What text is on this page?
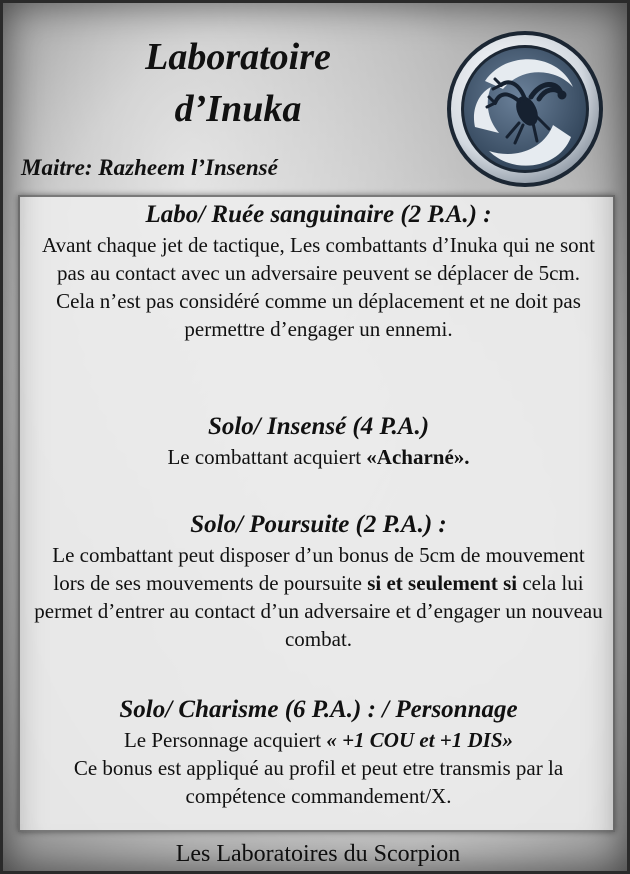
Laboratoire
d’Inuka
Maitre: Razheem l’Insensé
Labo/ Ruée sanguinaire (2 P.A.) :
Avant chaque jet de tactique, Les combattants d’Inuka qui ne sont pas au contact avec un adversaire peuvent se déplacer de 5cm.
Cela n’est pas considéré comme un déplacement et ne doit pas permettre d’engager un ennemi.
Solo/ Insensé (4 P.A.)
Le combattant acquiert «Acharné».
Solo/ Poursuite (2 P.A.) :
Le combattant peut disposer d’un bonus de 5cm de mouvement lors de ses mouvements de poursuite si et seulement si cela lui permet d’entrer au contact d’un adversaire et d’engager un nouveau combat.
Solo/ Charisme (6 P.A.) : / Personnage
Le Personnage acquiert « +1 COU et +1 DIS»
Ce bonus est appliqué au profil et peut etre transmis par la compétence commandement/X.
Les Laboratoires du Scorpion
